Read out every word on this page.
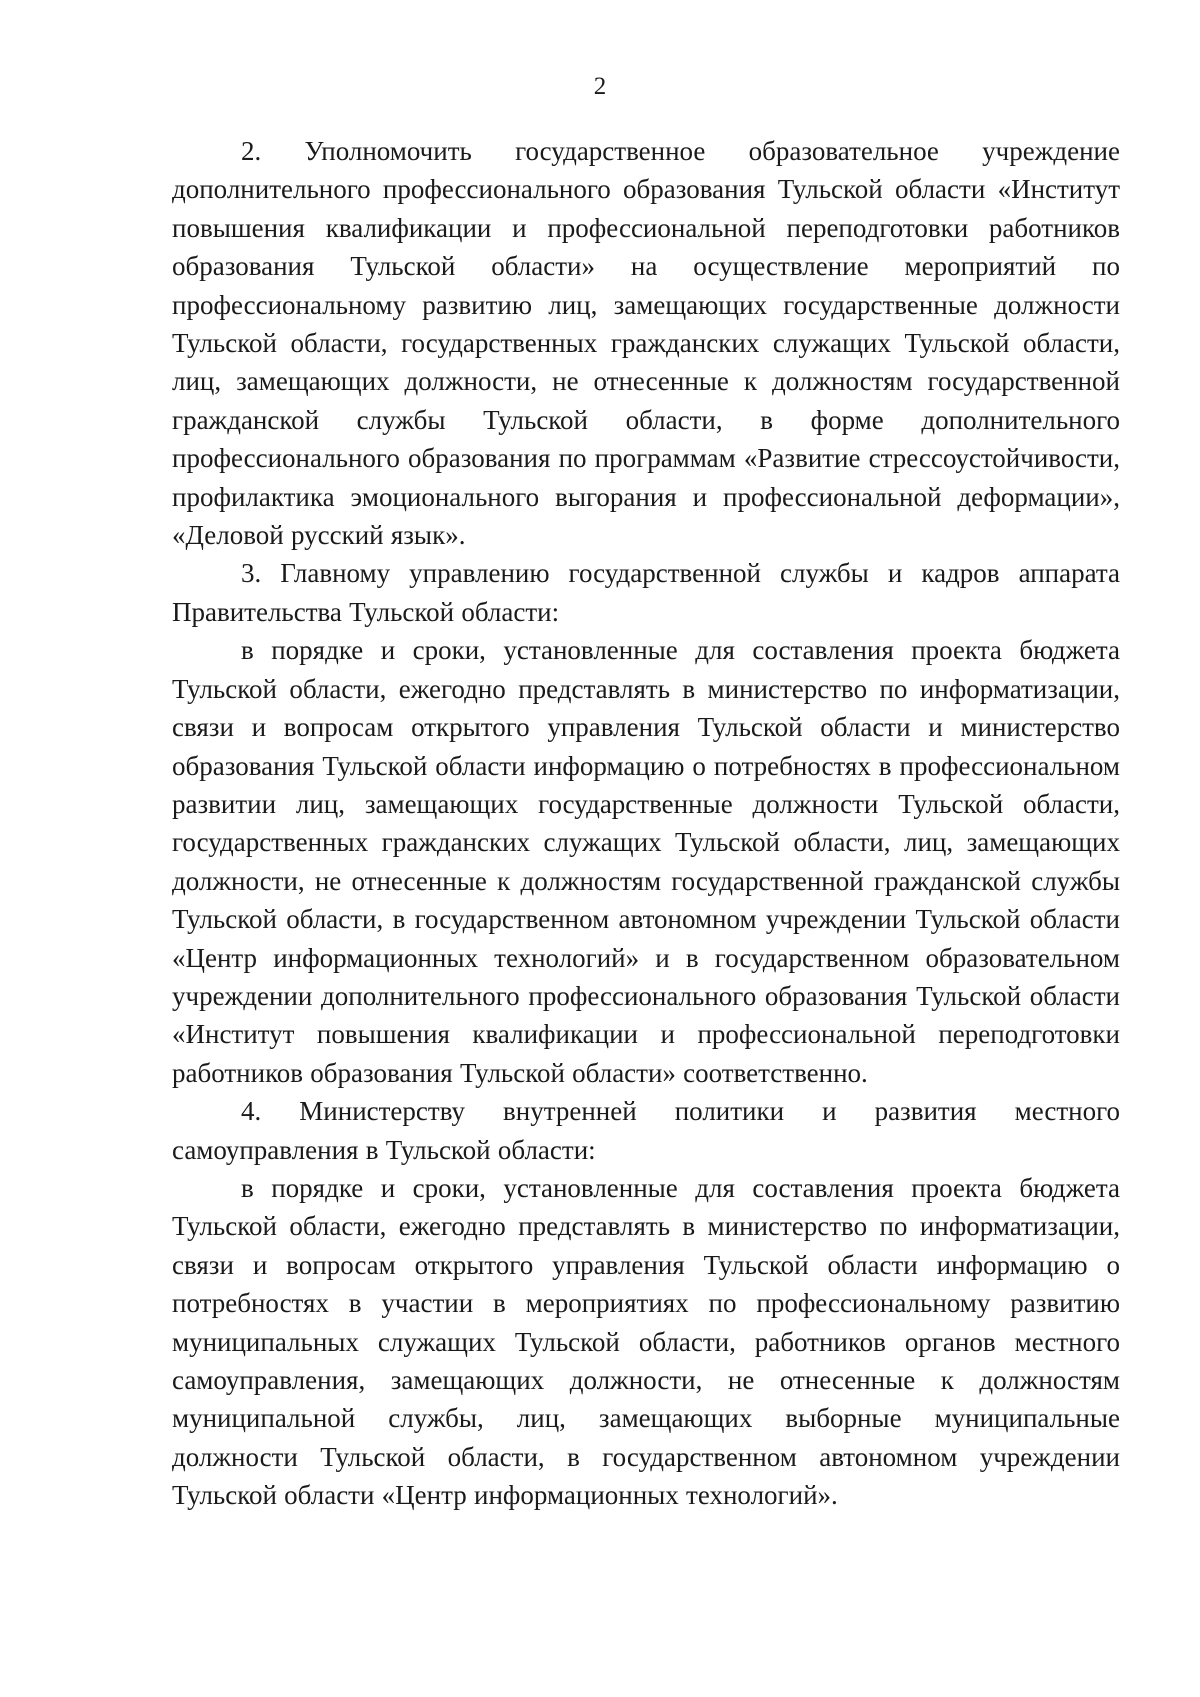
2

2. Уполномочить государственное образовательное учреждение дополнительного профессионального образования Тульской области «Институт повышения квалификации и профессиональной переподготовки работников образования Тульской области» на осуществление мероприятий по профессиональному развитию лиц, замещающих государственные должности Тульской области, государственных гражданских служащих Тульской области, лиц, замещающих должности, не отнесенные к должностям государственной гражданской службы Тульской области, в форме дополнительного профессионального образования по программам «Развитие стрессоустойчивости, профилактика эмоционального выгорания и профессиональной деформации», «Деловой русский язык».

3. Главному управлению государственной службы и кадров аппарата Правительства Тульской области:

в порядке и сроки, установленные для составления проекта бюджета Тульской области, ежегодно представлять в министерство по информатизации, связи и вопросам открытого управления Тульской области и министерство образования Тульской области информацию о потребностях в профессиональном развитии лиц, замещающих государственные должности Тульской области, государственных гражданских служащих Тульской области, лиц, замещающих должности, не отнесенные к должностям государственной гражданской службы Тульской области, в государственном автономном учреждении Тульской области «Центр информационных технологий» и в государственном образовательном учреждении дополнительного профессионального образования Тульской области «Институт повышения квалификации и профессиональной переподготовки работников образования Тульской области» соответственно.

4. Министерству внутренней политики и развития местного самоуправления в Тульской области:

в порядке и сроки, установленные для составления проекта бюджета Тульской области, ежегодно представлять в министерство по информатизации, связи и вопросам открытого управления Тульской области информацию о потребностях в участии в мероприятиях по профессиональному развитию муниципальных служащих Тульской области, работников органов местного самоуправления, замещающих должности, не отнесенные к должностям муниципальной службы, лиц, замещающих выборные муниципальные должности Тульской области, в государственном автономном учреждении Тульской области «Центр информационных технологий».
